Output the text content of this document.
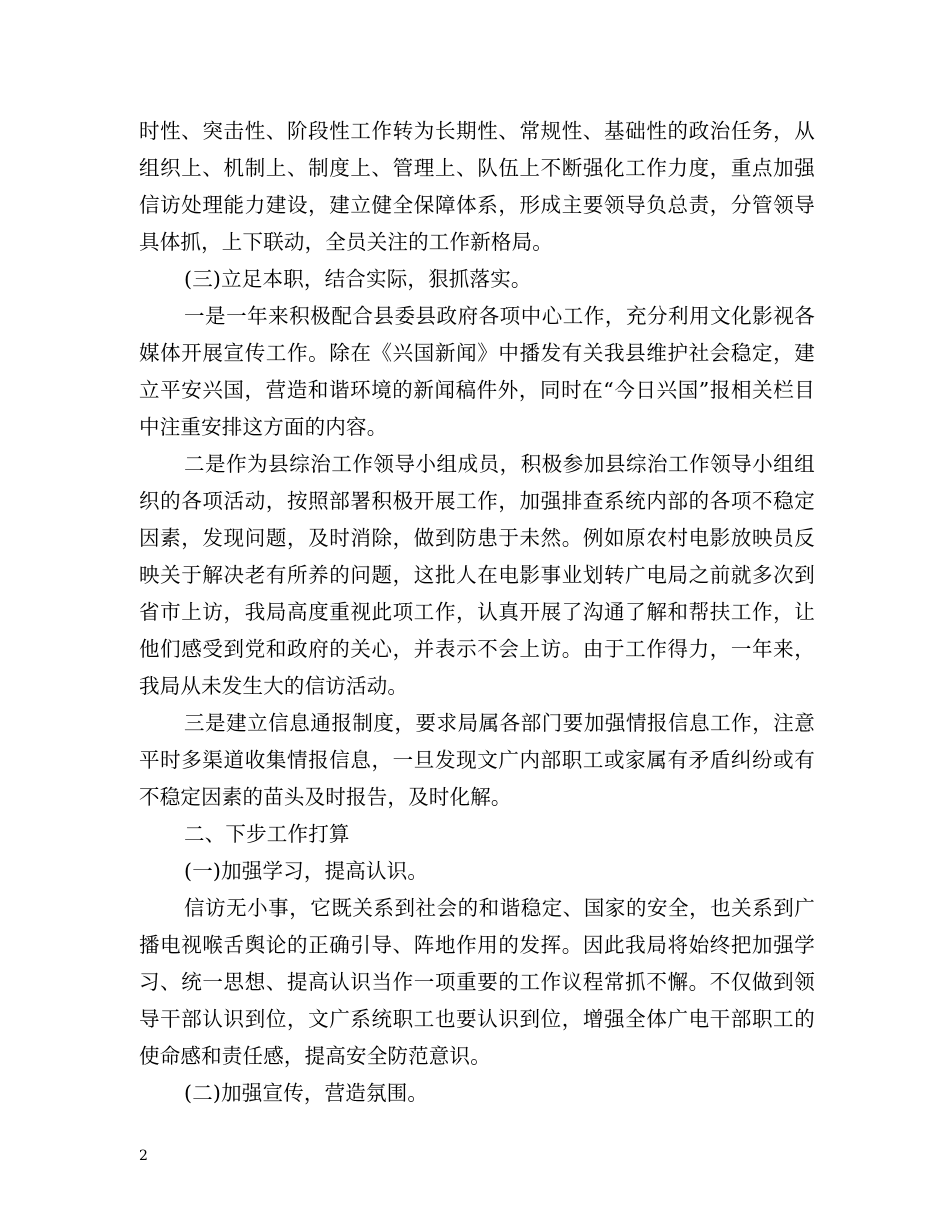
时性、突击性、阶段性工作转为长期性、常规性、基础性的政治任务，从组织上、机制上、制度上、管理上、队伍上不断强化工作力度，重点加强信访处理能力建设，建立健全保障体系，形成主要领导负总责，分管领导具体抓，上下联动，全员关注的工作新格局。

(三)立足本职，结合实际，狠抓落实。

一是一年来积极配合县委县政府各项中心工作，充分利用文化影视各媒体开展宣传工作。除在《兴国新闻》中播发有关我县维护社会稳定，建立平安兴国，营造和谐环境的新闻稿件外，同时在“今日兴国”报相关栏目中注重安排这方面的内容。

二是作为县综治工作领导小组成员，积极参加县综治工作领导小组组织的各项活动，按照部署积极开展工作，加强排查系统内部的各项不稳定因素，发现问题，及时消除，做到防患于未然。例如原农村电影放映员反映关于解决老有所养的问题，这批人在电影事业划转广电局之前就多次到省市上访，我局高度重视此项工作，认真开展了沟通了解和帮扶工作，让他们感受到党和政府的关心，并表示不会上访。由于工作得力，一年来，我局从未发生大的信访活动。

三是建立信息通报制度，要求局属各部门要加强情报信息工作，注意平时多渠道收集情报信息，一旦发现文广内部职工或家属有矛盾纠纷或有不稳定因素的苗头及时报告，及时化解。

二、下步工作打算

(一)加强学习，提高认识。

信访无小事，它既关系到社会的和谐稳定、国家的安全，也关系到广播电视喉舌舆论的正确引导、阵地作用的发挥。因此我局将始终把加强学习、统一思想、提高认识当作一项重要的工作议程常抓不懈。不仅做到领导干部认识到位，文广系统职工也要认识到位，增强全体广电干部职工的使命感和责任感，提高安全防范意识。

(二)加强宣传，营造氛围。

2
